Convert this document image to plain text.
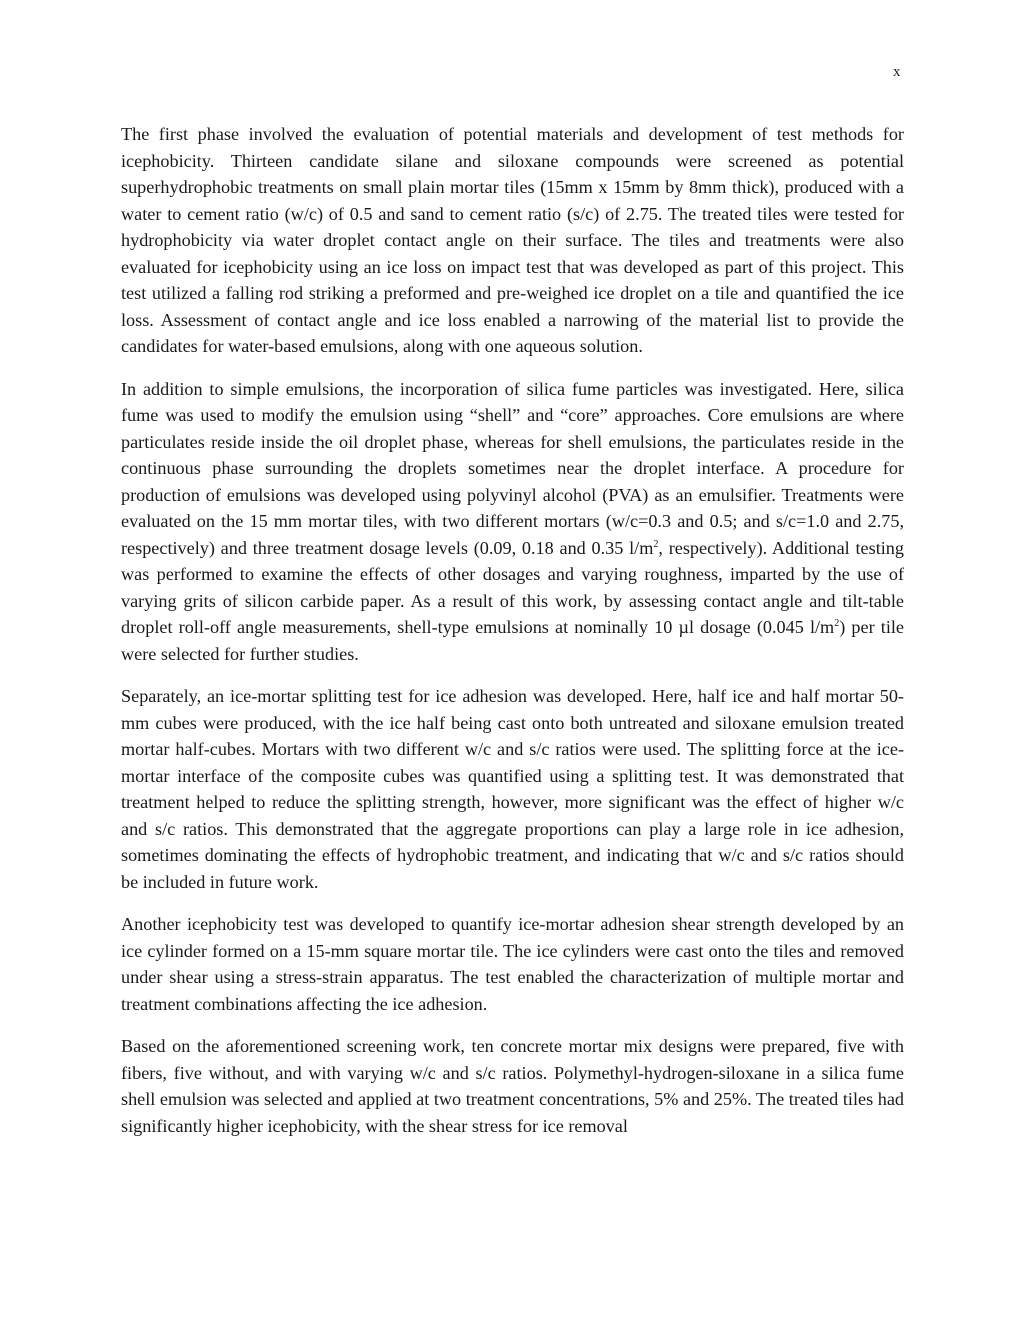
x

The first phase involved the evaluation of potential materials and development of test methods for icephobicity. Thirteen candidate silane and siloxane compounds were screened as potential superhydrophobic treatments on small plain mortar tiles (15mm x 15mm by 8mm thick), produced with a water to cement ratio (w/c) of 0.5 and sand to cement ratio (s/c) of 2.75. The treated tiles were tested for hydrophobicity via water droplet contact angle on their surface. The tiles and treatments were also evaluated for icephobicity using an ice loss on impact test that was developed as part of this project. This test utilized a falling rod striking a preformed and pre-weighed ice droplet on a tile and quantified the ice loss. Assessment of contact angle and ice loss enabled a narrowing of the material list to provide the candidates for water-based emulsions, along with one aqueous solution.

In addition to simple emulsions, the incorporation of silica fume particles was investigated. Here, silica fume was used to modify the emulsion using “shell” and “core” approaches. Core emulsions are where particulates reside inside the oil droplet phase, whereas for shell emulsions, the particulates reside in the continuous phase surrounding the droplets sometimes near the droplet interface. A procedure for production of emulsions was developed using polyvinyl alcohol (PVA) as an emulsifier. Treatments were evaluated on the 15 mm mortar tiles, with two different mortars (w/c=0.3 and 0.5; and s/c=1.0 and 2.75, respectively) and three treatment dosage levels (0.09, 0.18 and 0.35 $l/m^2$, respectively). Additional testing was performed to examine the effects of other dosages and varying roughness, imparted by the use of varying grits of silicon carbide paper. As a result of this work, by assessing contact angle and tilt-table droplet roll-off angle measurements, shell-type emulsions at nominally 10 µl dosage (0.045 $l/m^2$) per tile were selected for further studies.

Separately, an ice-mortar splitting test for ice adhesion was developed. Here, half ice and half mortar 50-mm cubes were produced, with the ice half being cast onto both untreated and siloxane emulsion treated mortar half-cubes. Mortars with two different w/c and s/c ratios were used. The splitting force at the ice-mortar interface of the composite cubes was quantified using a splitting test. It was demonstrated that treatment helped to reduce the splitting strength, however, more significant was the effect of higher w/c and s/c ratios. This demonstrated that the aggregate proportions can play a large role in ice adhesion, sometimes dominating the effects of hydrophobic treatment, and indicating that w/c and s/c ratios should be included in future work.

Another icephobicity test was developed to quantify ice-mortar adhesion shear strength developed by an ice cylinder formed on a 15-mm square mortar tile. The ice cylinders were cast onto the tiles and removed under shear using a stress-strain apparatus. The test enabled the characterization of multiple mortar and treatment combinations affecting the ice adhesion.

Based on the aforementioned screening work, ten concrete mortar mix designs were prepared, five with fibers, five without, and with varying w/c and s/c ratios. Polymethyl-hydrogen-siloxane in a silica fume shell emulsion was selected and applied at two treatment concentrations, 5% and 25%. The treated tiles had significantly higher icephobicity, with the shear stress for ice removal
